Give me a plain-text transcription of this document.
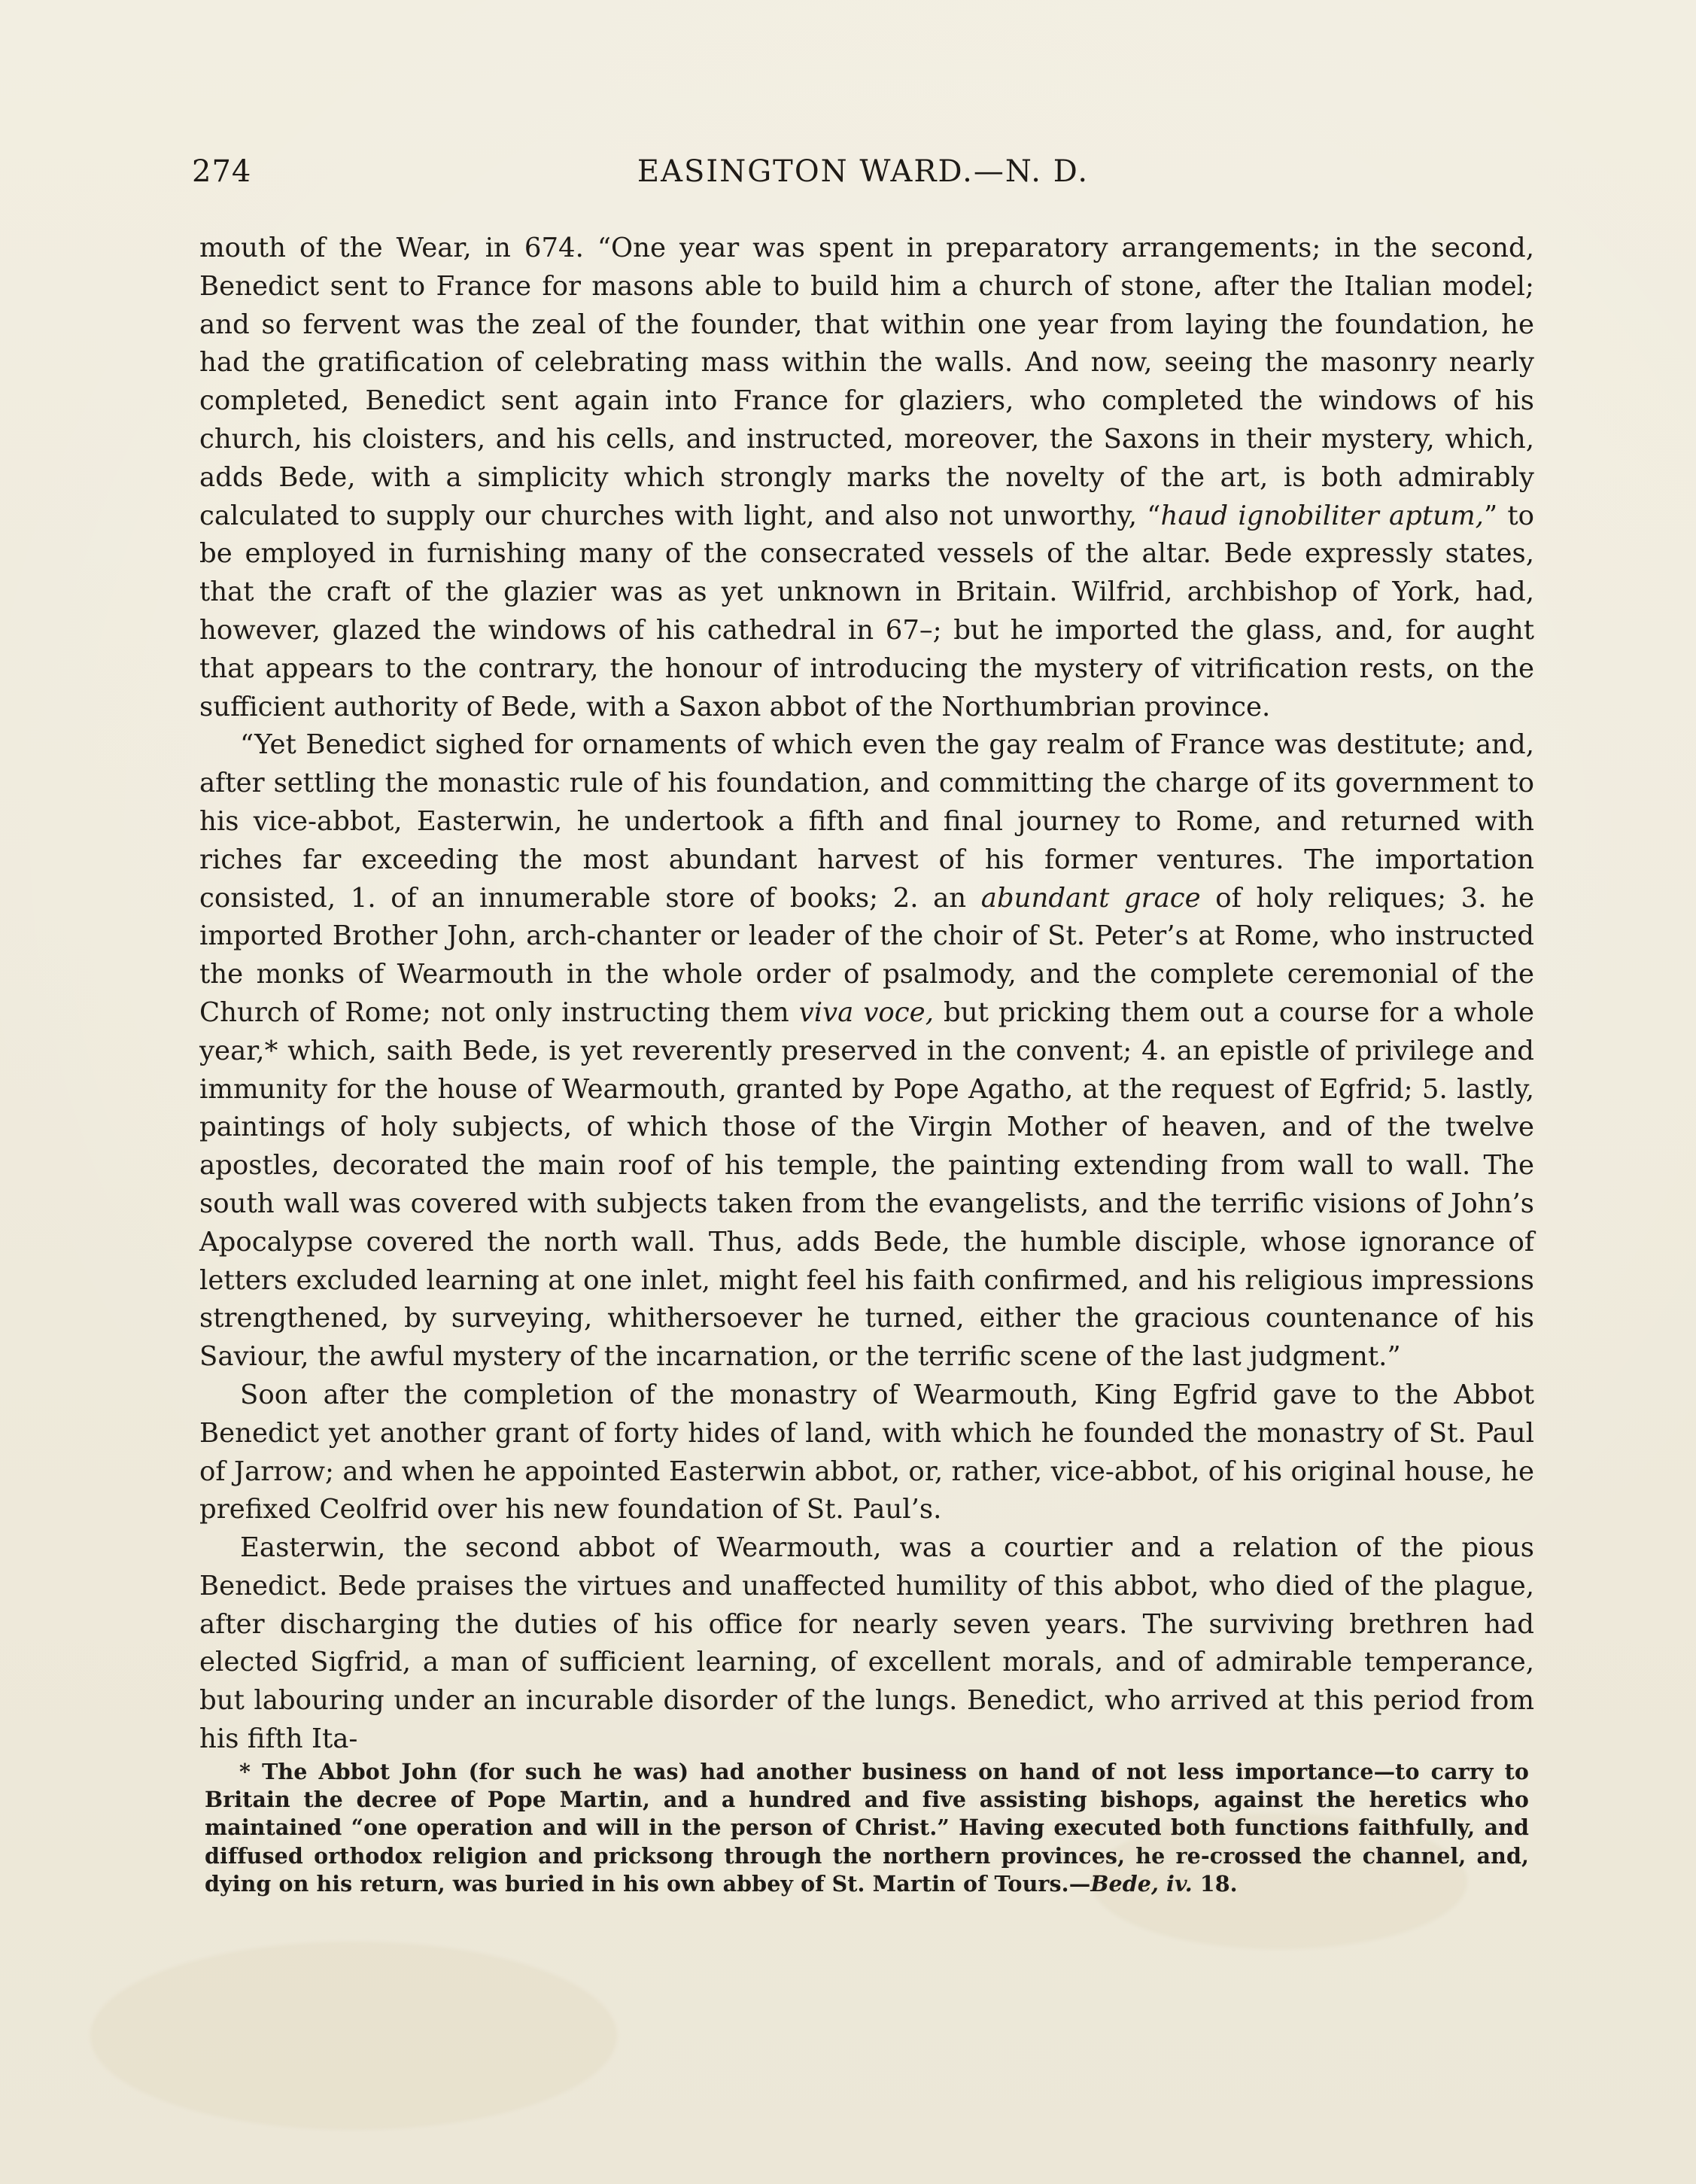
274	EASINGTON WARD.—N. D.

mouth of the Wear, in 674. “One year was spent in preparatory arrangements; in the second, Benedict sent to France for masons able to build him a church of stone, after the Italian model; and so fervent was the zeal of the founder, that within one year from laying the foundation, he had the gratification of celebrating mass within the walls. And now, seeing the masonry nearly completed, Benedict sent again into France for glaziers, who completed the windows of his church, his cloisters, and his cells, and instructed, moreover, the Saxons in their mystery, which, adds Bede, with a simplicity which strongly marks the novelty of the art, is both admirably calculated to supply our churches with light, and also not unworthy, “haud ignobiliter aptum,” to be employed in furnishing many of the consecrated vessels of the altar. Bede expressly states, that the craft of the glazier was as yet unknown in Britain. Wilfrid, archbishop of York, had, however, glazed the windows of his cathedral in 67–; but he imported the glass, and, for aught that appears to the contrary, the honour of introducing the mystery of vitrification rests, on the sufficient authority of Bede, with a Saxon abbot of the Northumbrian province.

“Yet Benedict sighed for ornaments of which even the gay realm of France was destitute; and, after settling the monastic rule of his foundation, and committing the charge of its government to his vice-abbot, Easterwin, he undertook a fifth and final journey to Rome, and returned with riches far exceeding the most abundant harvest of his former ventures. The importation consisted, 1. of an innumerable store of books; 2. an abundant grace of holy reliques; 3. he imported Brother John, arch-chanter or leader of the choir of St. Peter’s at Rome, who instructed the monks of Wearmouth in the whole order of psalmody, and the complete ceremonial of the Church of Rome; not only instructing them viva voce, but pricking them out a course for a whole year,* which, saith Bede, is yet reverently preserved in the convent; 4. an epistle of privilege and immunity for the house of Wearmouth, granted by Pope Agatho, at the request of Egfrid; 5. lastly, paintings of holy subjects, of which those of the Virgin Mother of heaven, and of the twelve apostles, decorated the main roof of his temple, the painting extending from wall to wall. The south wall was covered with subjects taken from the evangelists, and the terrific visions of John’s Apocalypse covered the north wall. Thus, adds Bede, the humble disciple, whose ignorance of letters excluded learning at one inlet, might feel his faith confirmed, and his religious impressions strengthened, by surveying, whithersoever he turned, either the gracious countenance of his Saviour, the awful mystery of the incarnation, or the terrific scene of the last judgment.”

Soon after the completion of the monastry of Wearmouth, King Egfrid gave to the Abbot Benedict yet another grant of forty hides of land, with which he founded the monastry of St. Paul of Jarrow; and when he appointed Easterwin abbot, or, rather, vice-abbot, of his original house, he prefixed Ceolfrid over his new foundation of St. Paul’s.

Easterwin, the second abbot of Wearmouth, was a courtier and a relation of the pious Benedict. Bede praises the virtues and unaffected humility of this abbot, who died of the plague, after discharging the duties of his office for nearly seven years. The surviving brethren had elected Sigfrid, a man of sufficient learning, of excellent morals, and of admirable temperance, but labouring under an incurable disorder of the lungs. Benedict, who arrived at this period from his fifth Ita-

* The Abbot John (for such he was) had another business on hand of not less importance—to carry to Britain the decree of Pope Martin, and a hundred and five assisting bishops, against the heretics who maintained “one operation and will in the person of Christ.” Having executed both functions faithfully, and diffused orthodox religion and pricksong through the northern provinces, he re-crossed the channel, and, dying on his return, was buried in his own abbey of St. Martin of Tours.—Bede, iv. 18.
